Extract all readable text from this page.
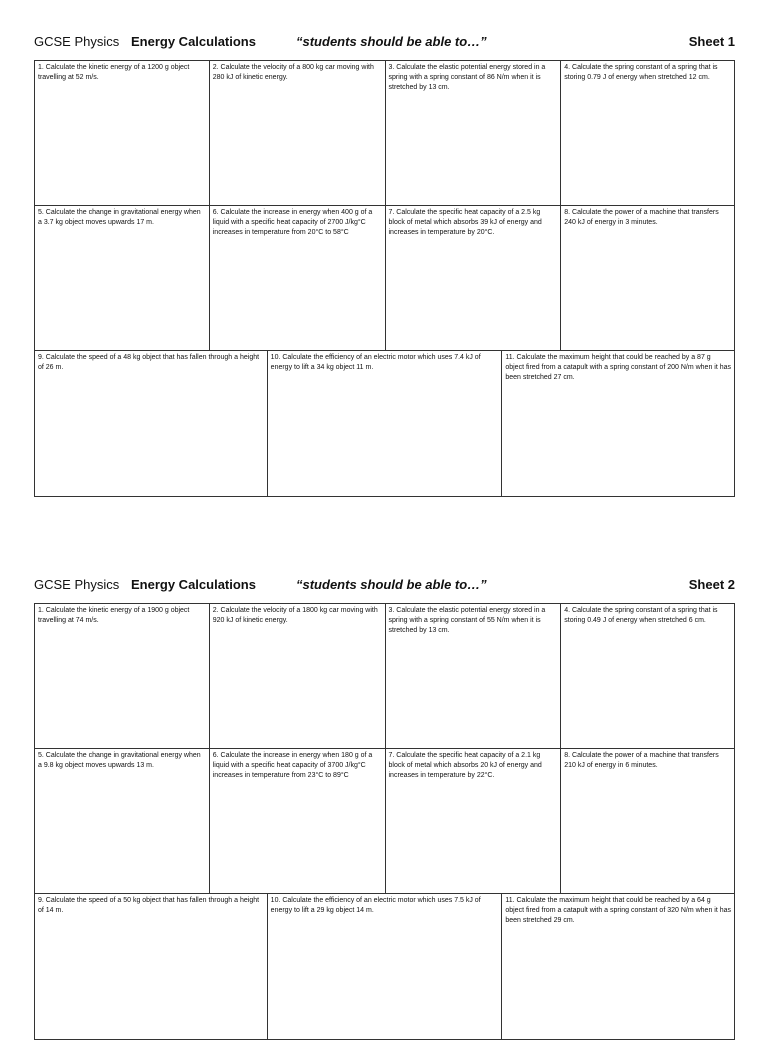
GCSE Physics Energy Calculations	“students should be able to…”	Sheet 1
1. Calculate the kinetic energy of a 1200 g object travelling at 52 m/s.
2. Calculate the velocity of a 800 kg car moving with 280 kJ of kinetic energy.
3. Calculate the elastic potential energy stored in a spring with a spring constant of 86 N/m when it is stretched by 13 cm.
4. Calculate the spring constant of a spring that is storing 0.79 J of energy when stretched 12 cm.
5. Calculate the change in gravitational energy when a 3.7 kg object moves upwards 17 m.
6. Calculate the increase in energy when 400 g of a liquid with a specific heat capacity of 2700 J/kg°C increases in temperature from 20°C to 58°C
7. Calculate the specific heat capacity of a 2.5 kg block of metal which absorbs 39 kJ of energy and increases in temperature by 20°C.
8. Calculate the power of a machine that transfers 240 kJ of energy in 3 minutes.
9. Calculate the speed of a 48 kg object that has fallen through a height of 26 m.
10. Calculate the efficiency of an electric motor which uses 7.4 kJ of energy to lift a 34 kg object 11 m.
11. Calculate the maximum height that could be reached by a 87 g object fired from a catapult with a spring constant of 200 N/m when it has been stretched 27 cm.
GCSE Physics Energy Calculations	“students should be able to…”	Sheet 2
1. Calculate the kinetic energy of a 1900 g object travelling at 74 m/s.
2. Calculate the velocity of a 1800 kg car moving with 920 kJ of kinetic energy.
3. Calculate the elastic potential energy stored in a spring with a spring constant of 55 N/m when it is stretched by 13 cm.
4. Calculate the spring constant of a spring that is storing 0.49 J of energy when stretched 6 cm.
5. Calculate the change in gravitational energy when a 9.8 kg object moves upwards 13 m.
6. Calculate the increase in energy when 180 g of a liquid with a specific heat capacity of 3700 J/kg°C increases in temperature from 23°C to 89°C
7. Calculate the specific heat capacity of a 2.1 kg block of metal which absorbs 20 kJ of energy and increases in temperature by 22°C.
8. Calculate the power of a machine that transfers 210 kJ of energy in 6 minutes.
9. Calculate the speed of a 50 kg object that has fallen through a height of 14 m.
10. Calculate the efficiency of an electric motor which uses 7.5 kJ of energy to lift a 29 kg object 14 m.
11. Calculate the maximum height that could be reached by a 64 g object fired from a catapult with a spring constant of 320 N/m when it has been stretched 29 cm.
